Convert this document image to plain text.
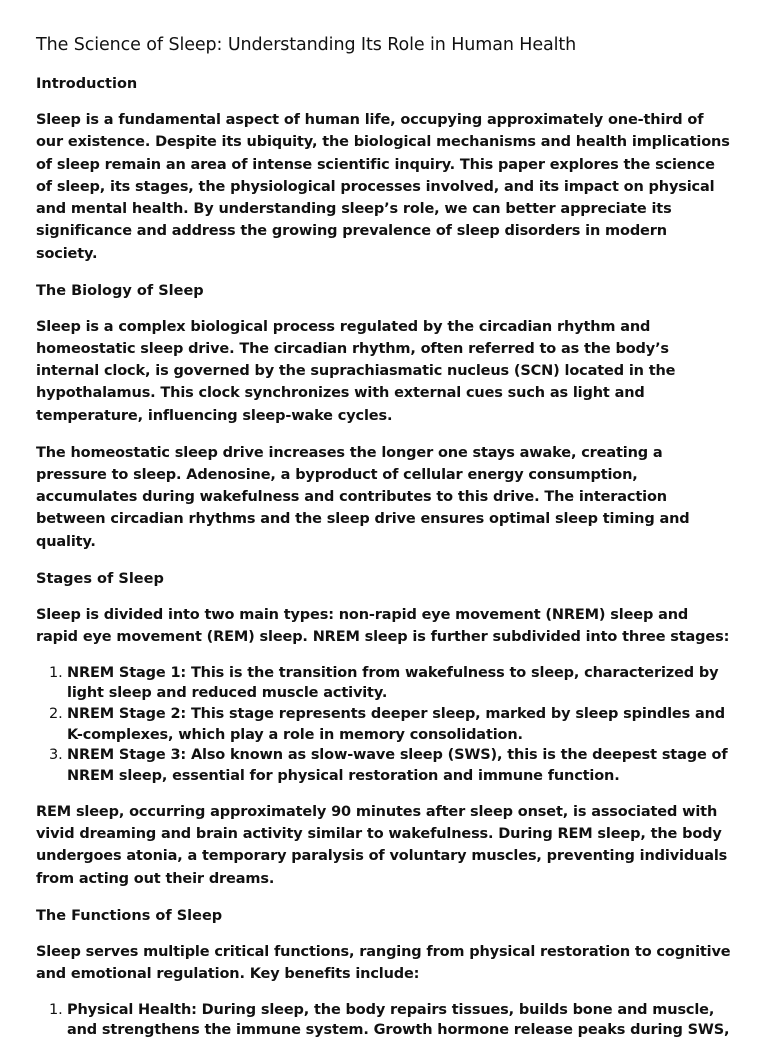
The Science of Sleep: Understanding Its Role in Human Health
Introduction

Sleep is a fundamental aspect of human life, occupying approximately one-third of our existence. Despite its ubiquity, the biological mechanisms and health implications of sleep remain an area of intense scientific inquiry. This paper explores the science of sleep, its stages, the physiological processes involved, and its impact on physical and mental health. By understanding sleep’s role, we can better appreciate its significance and address the growing prevalence of sleep disorders in modern society.

The Biology of Sleep

Sleep is a complex biological process regulated by the circadian rhythm and homeostatic sleep drive. The circadian rhythm, often referred to as the body’s internal clock, is governed by the suprachiasmatic nucleus (SCN) located in the hypothalamus. This clock synchronizes with external cues such as light and temperature, influencing sleep-wake cycles.

The homeostatic sleep drive increases the longer one stays awake, creating a pressure to sleep. Adenosine, a byproduct of cellular energy consumption, accumulates during wakefulness and contributes to this drive. The interaction between circadian rhythms and the sleep drive ensures optimal sleep timing and quality.

Stages of Sleep

Sleep is divided into two main types: non-rapid eye movement (NREM) sleep and rapid eye movement (REM) sleep. NREM sleep is further subdivided into three stages:

1. NREM Stage 1: This is the transition from wakefulness to sleep, characterized by light sleep and reduced muscle activity.
2. NREM Stage 2: This stage represents deeper sleep, marked by sleep spindles and K-complexes, which play a role in memory consolidation.
3. NREM Stage 3: Also known as slow-wave sleep (SWS), this is the deepest stage of NREM sleep, essential for physical restoration and immune function.

REM sleep, occurring approximately 90 minutes after sleep onset, is associated with vivid dreaming and brain activity similar to wakefulness. During REM sleep, the body undergoes atonia, a temporary paralysis of voluntary muscles, preventing individuals from acting out their dreams.

The Functions of Sleep

Sleep serves multiple critical functions, ranging from physical restoration to cognitive and emotional regulation. Key benefits include:

1. Physical Health: During sleep, the body repairs tissues, builds bone and muscle, and strengthens the immune system. Growth hormone release peaks during SWS,
